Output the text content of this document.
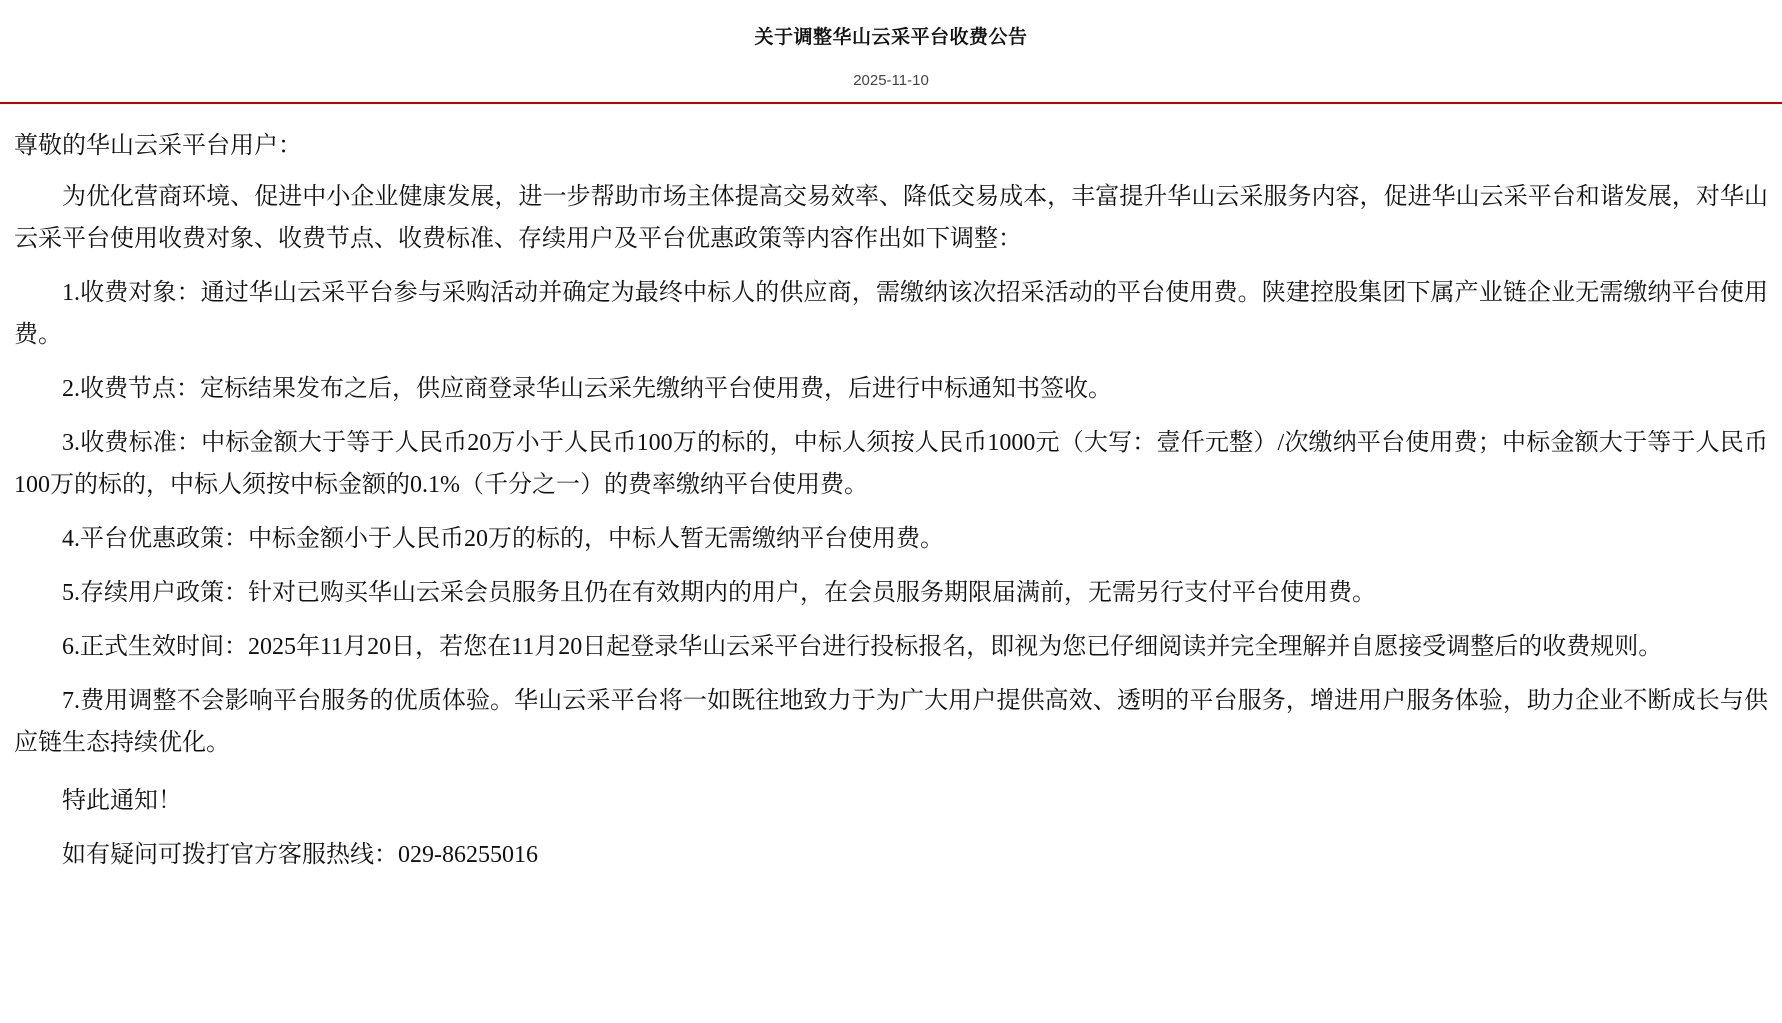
关于调整华山云采平台收费公告
2025-11-10

尊敬的华山云采平台用户：

为优化营商环境、促进中小企业健康发展，进一步帮助市场主体提高交易效率、降低交易成本，丰富提升华山云采服务内容，促进华山云采平台和谐发展，对华山云采平台使用收费对象、收费节点、收费标准、存续用户及平台优惠政策等内容作出如下调整：

1.收费对象：通过华山云采平台参与采购活动并确定为最终中标人的供应商，需缴纳该次招采活动的平台使用费。陕建控股集团下属产业链企业无需缴纳平台使用费。

2.收费节点：定标结果发布之后，供应商登录华山云采先缴纳平台使用费，后进行中标通知书签收。

3.收费标准：中标金额大于等于人民币20万小于人民币100万的标的，中标人须按人民币1000元（大写：壹仟元整）/次缴纳平台使用费；中标金额大于等于人民币100万的标的，中标人须按中标金额的0.1%（千分之一）的费率缴纳平台使用费。

4.平台优惠政策：中标金额小于人民币20万的标的，中标人暂无需缴纳平台使用费。

5.存续用户政策：针对已购买华山云采会员服务且仍在有效期内的用户，在会员服务期限届满前，无需另行支付平台使用费。

6.正式生效时间：2025年11月20日，若您在11月20日起登录华山云采平台进行投标报名，即视为您已仔细阅读并完全理解并自愿接受调整后的收费规则。

7.费用调整不会影响平台服务的优质体验。华山云采平台将一如既往地致力于为广大用户提供高效、透明的平台服务，增进用户服务体验，助力企业不断成长与供应链生态持续优化。

特此通知！

如有疑问可拨打官方客服热线：029-86255016
